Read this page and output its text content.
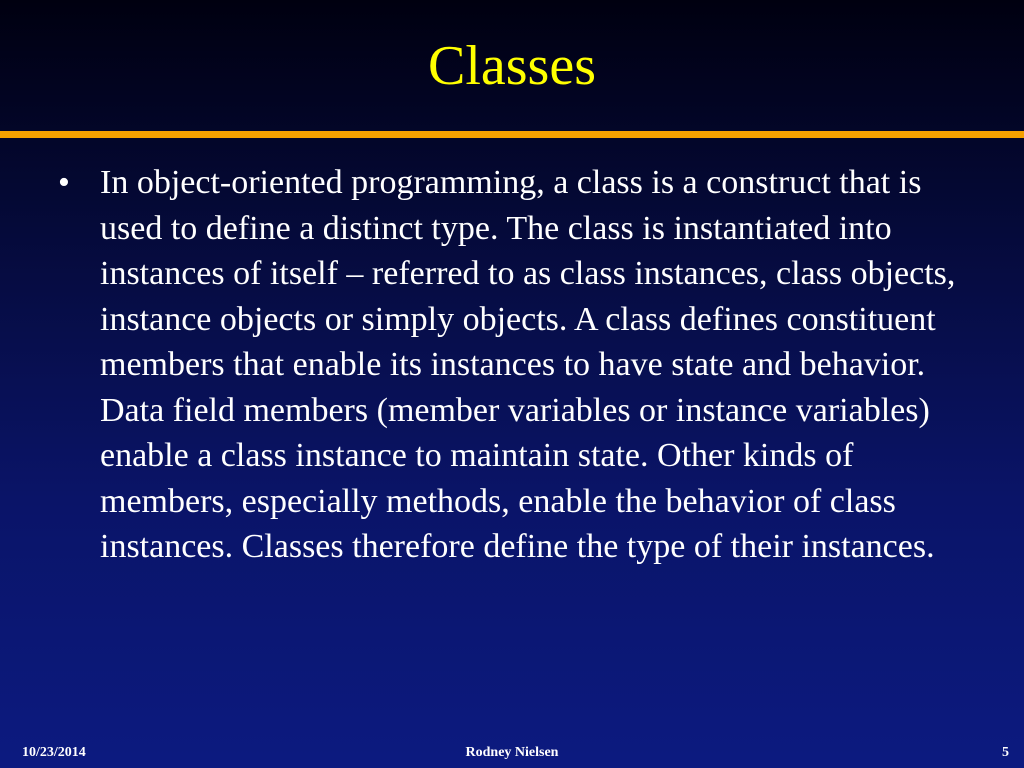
Classes
• In object-oriented programming, a class is a construct that is used to define a distinct type. The class is instantiated into instances of itself – referred to as class instances, class objects, instance objects or simply objects. A class defines constituent members that enable its instances to have state and behavior. Data field members (member variables or instance variables) enable a class instance to maintain state. Other kinds of members, especially methods, enable the behavior of class instances. Classes therefore define the type of their instances.

10/23/2014	Rodney Nielsen	5
